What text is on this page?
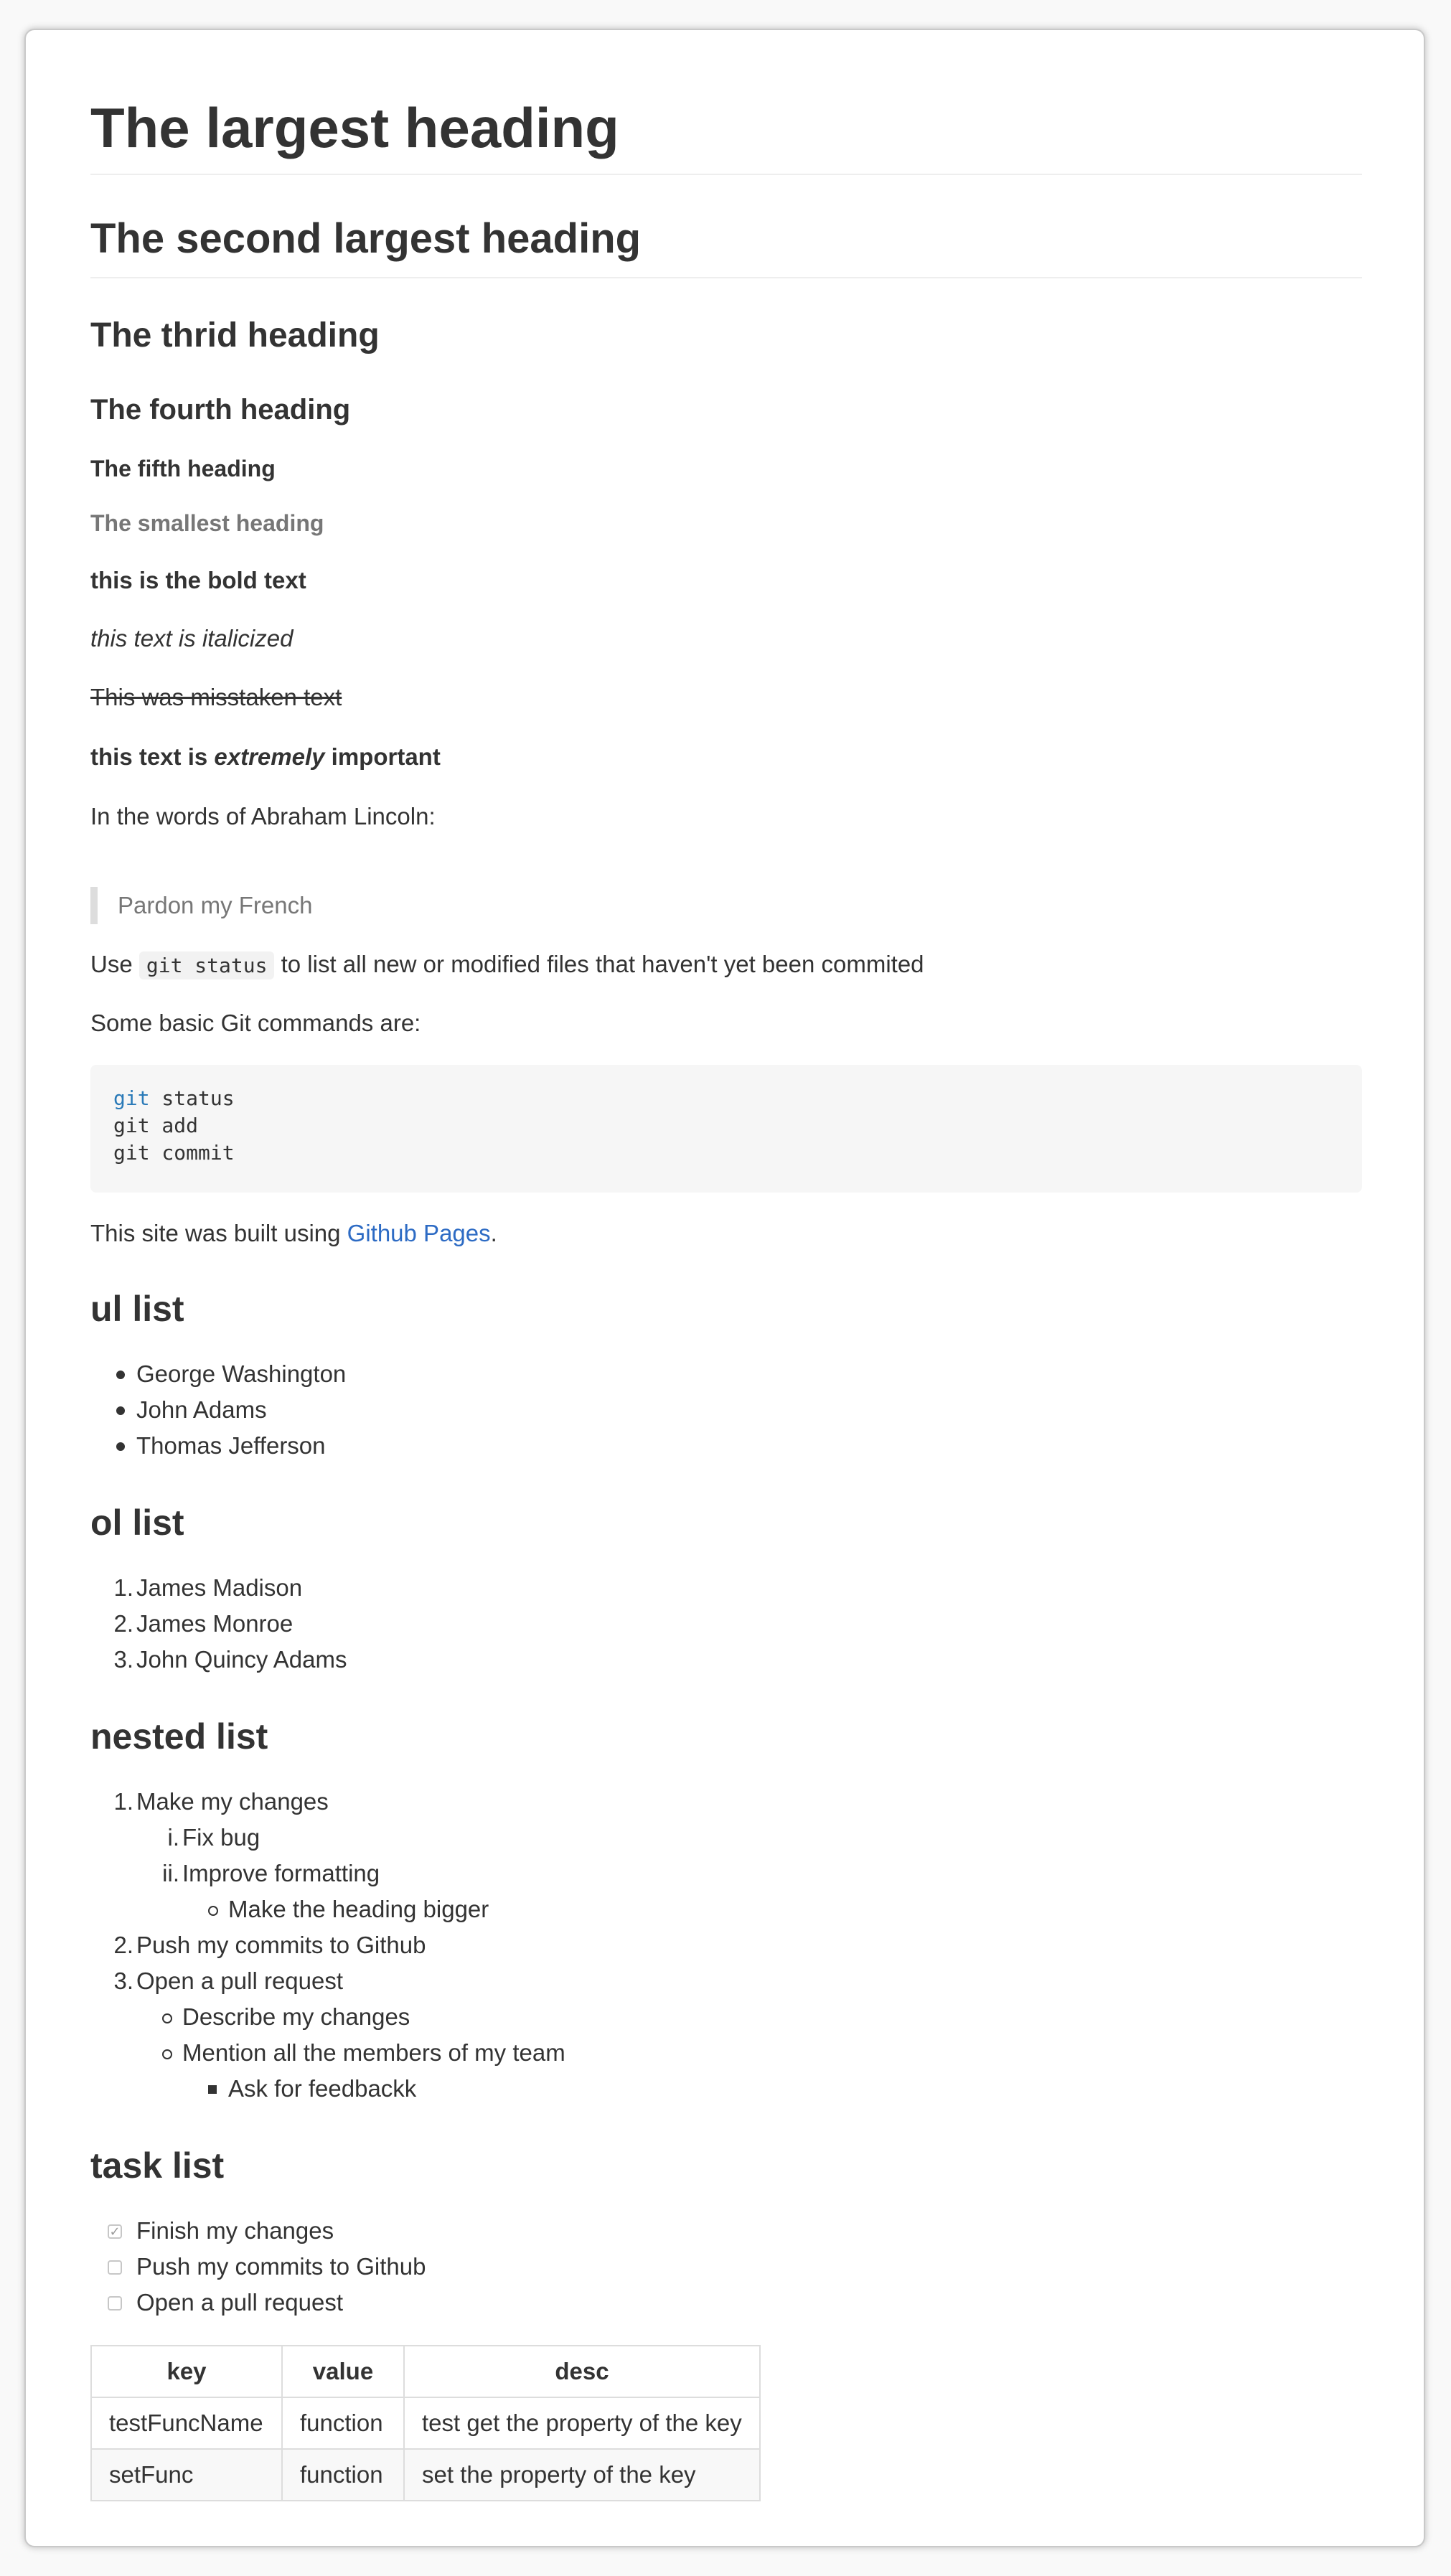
The largest heading
The second largest heading
The thrid heading
The fourth heading
The fifth heading
The smallest heading

this is the bold text

this text is italicized

This was misstaken text

this text is extremely important

In the words of Abraham Lincoln:

Pardon my French

Use git status to list all new or modified files that haven't yet been commited

Some basic Git commands are:

git status
git add
git commit

This site was built using Github Pages.

ul list

George Washington

John Adams

Thomas Jefferson

ol list
1. James Madison

2. James Monroe

3. John Quincy Adams

nested list
1. Make my changes

i. Fix bug

ii. Improve formatting

Make the heading bigger

2. Push my commits to Github

3. Open a pull request

Describe my changes

Mention all the members of my team

Ask for feedbackk

task list
✓ Finish my changes

Push my commits to Github

Open a pull request

key	value	desc
testFuncName	function	test get the property of the key
setFunc	function	set the property of the key
